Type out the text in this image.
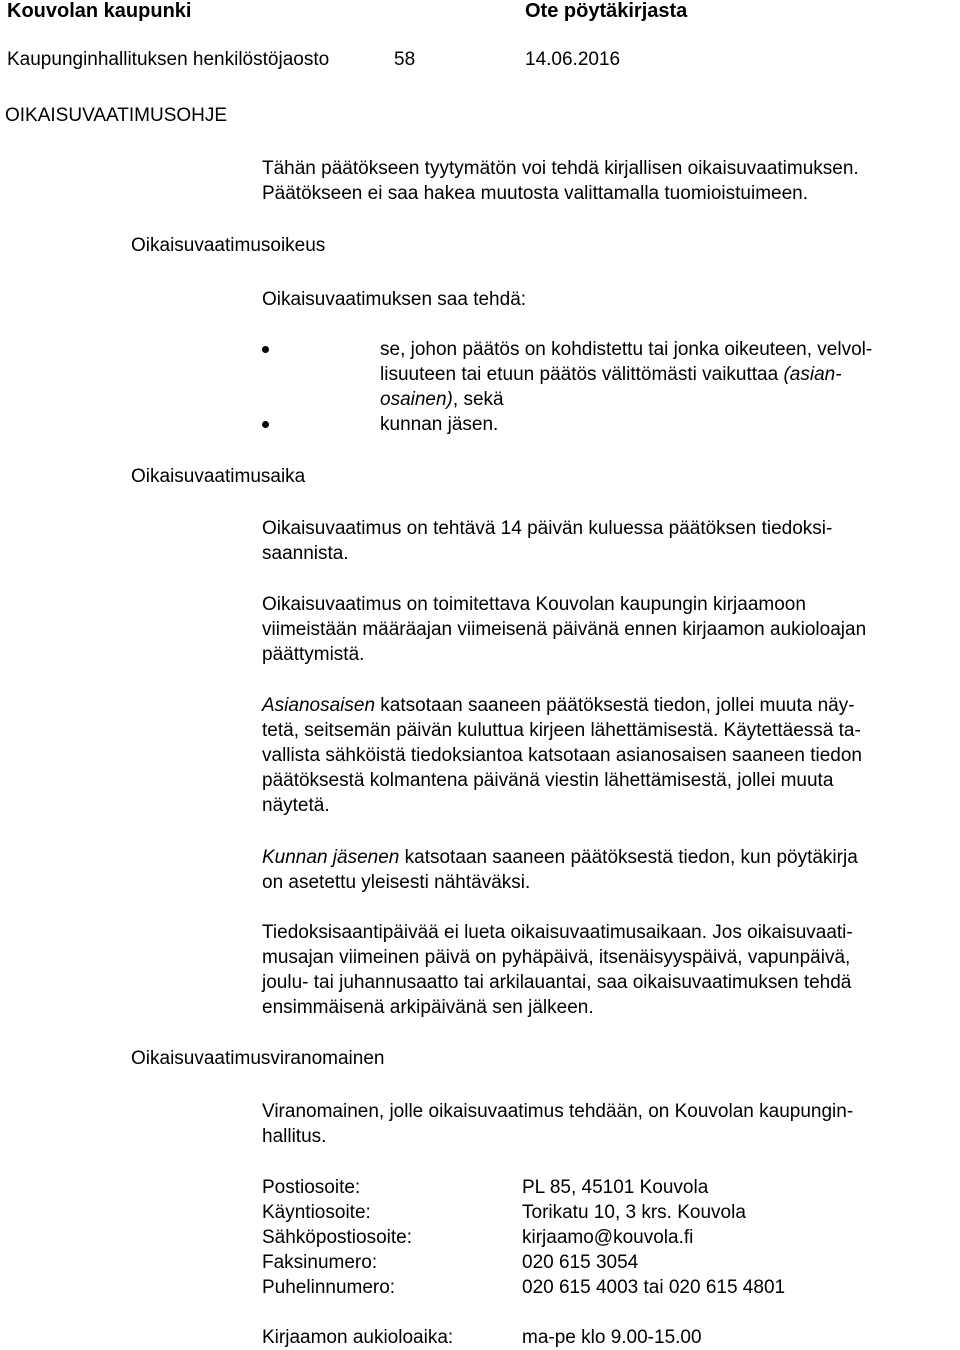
Kouvolan kaupunki	Ote pöytäkirjasta
Kaupunginhallituksen henkilöstöjaosto	58	14.06.2016
OIKAISUVAATIMUSOHJE
Tähän päätökseen tyytymätön voi tehdä kirjallisen oikaisuvaatimuksen.
Päätökseen ei saa hakea muutosta valittamalla tuomioistuimeen.
Oikaisuvaatimusoikeus
Oikaisuvaatimuksen saa tehdä:
se, johon päätös on kohdistettu tai jonka oikeuteen, velvol-
lisuuteen tai etuun päätös välittömästi vaikuttaa (asian-
osainen), sekä
kunnan jäsen.
Oikaisuvaatimusaika
Oikaisuvaatimus on tehtävä 14 päivän kuluessa päätöksen tiedoksi-
saannista.
Oikaisuvaatimus on toimitettava Kouvolan kaupungin kirjaamoon
viimeistään määräajan viimeisenä päivänä ennen kirjaamon aukioloajan
päättymistä.
Asianosaisen katsotaan saaneen päätöksestä tiedon, jollei muuta näy-
tetä, seitsemän päivän kuluttua kirjeen lähettämisestä. Käytettäessä ta-
vallista sähköistä tiedoksiantoa katsotaan asianosaisen saaneen tiedon
päätöksestä kolmantena päivänä viestin lähettämisestä, jollei muuta
näytetä.
Kunnan jäsenen katsotaan saaneen päätöksestä tiedon, kun pöytäkirja
on asetettu yleisesti nähtäväksi.
Tiedoksisaantipäivää ei lueta oikaisuvaatimusaikaan. Jos oikaisuvaati-
musajan viimeinen päivä on pyhäpäivä, itsenäisyyspäivä, vapunpäivä,
joulu- tai juhannusaatto tai arkilauantai, saa oikaisuvaatimuksen tehdä
ensimmäisenä arkipäivänä sen jälkeen.
Oikaisuvaatimusviranomainen
Viranomainen, jolle oikaisuvaatimus tehdään, on Kouvolan kaupungin-
hallitus.
Postiosoite:	PL 85, 45101 Kouvola
Käyntiosoite:	Torikatu 10, 3 krs. Kouvola
Sähköpostiosoite:	kirjaamo@kouvola.fi
Faksinumero:	020 615 3054
Puhelinnumero:	020 615 4003 tai 020 615 4801
Kirjaamon aukioloaika:	ma-pe klo 9.00-15.00
